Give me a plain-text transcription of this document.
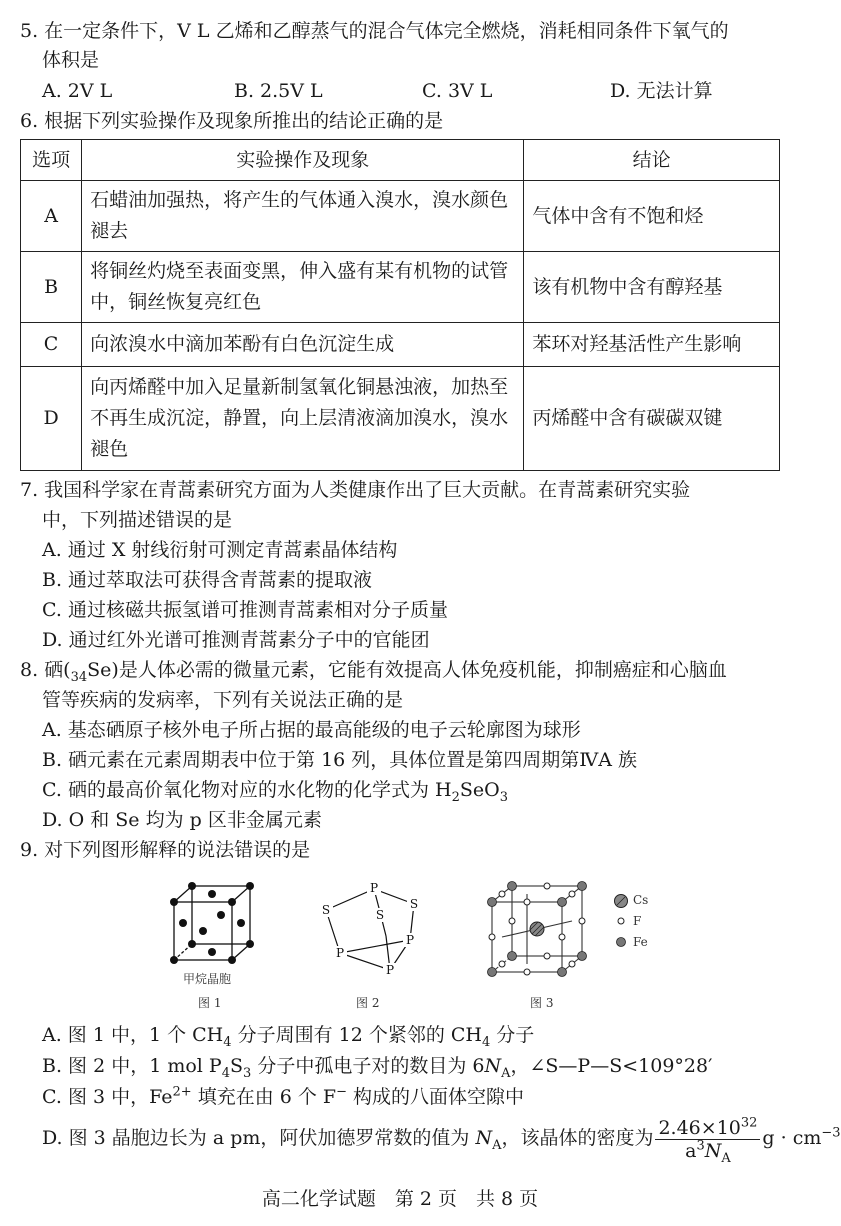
5. 在一定条件下，V L 乙烯和乙醇蒸气的混合气体完全燃烧，消耗相同条件下氧气的
体积是
A. 2V L	B. 2.5V L	C. 3V L	D. 无法计算
6. 根据下列实验操作及现象所推出的结论正确的是
选项	实验操作及现象	结论
A	石蜡油加强热，将产生的气体通入溴水，溴水颜色褪去	气体中含有不饱和烃
B	将铜丝灼烧至表面变黑，伸入盛有某有机物的试管中，铜丝恢复亮红色	该有机物中含有醇羟基
C	向浓溴水中滴加苯酚有白色沉淀生成	苯环对羟基活性产生影响
D	向丙烯醛中加入足量新制氢氧化铜悬浊液，加热至不再生成沉淀，静置，向上层清液滴加溴水，溴水褪色	丙烯醛中含有碳碳双键
7. 我国科学家在青蒿素研究方面为人类健康作出了巨大贡献。在青蒿素研究实验
中，下列描述错误的是
A. 通过 X 射线衍射可测定青蒿素晶体结构
B. 通过萃取法可获得含青蒿素的提取液
C. 通过核磁共振氢谱可推测青蒿素相对分子质量
D. 通过红外光谱可推测青蒿素分子中的官能团
8. 硒$(_{34}Se)$是人体必需的微量元素，它能有效提高人体免疫机能，抑制癌症和心脑血
管等疾病的发病率，下列有关说法正确的是
A. 基态硒原子核外电子所占据的最高能级的电子云轮廓图为球形
B. 硒元素在元素周期表中位于第 16 列，具体位置是第四周期第ⅣA 族
C. 硒的最高价氧化物对应的水化物的化学式为 $H_2SeO_3$
D. O 和 Se 均为 p 区非金属元素
9. 对下列图形解释的说法错误的是
甲烷晶胞
图 1
P
S	S
S
P
P
P
图 2	图 3
Cs
F
Fe
A. 图 1 中，1 个 $CH_4$ 分子周围有 12 个紧邻的 $CH_4$ 分子
B. 图 2 中，1 mol $P_4S_3$ 分子中孤电子对的数目为 $6N_A$，∠S—P—S<109°28′
C. 图 3 中，$Fe^{2+}$ 填充在由 6 个 F− 构成的八面体空隙中
D. 图 3 晶胞边长为 a pm，阿伏加德罗常数的值为 $N_A$，该晶体的密度为 $\frac{2.46\times 10^{32}}{a^3N_A}$ $g \cdot cm^{-3}$
高二化学试题　第 2 页　共 8 页
